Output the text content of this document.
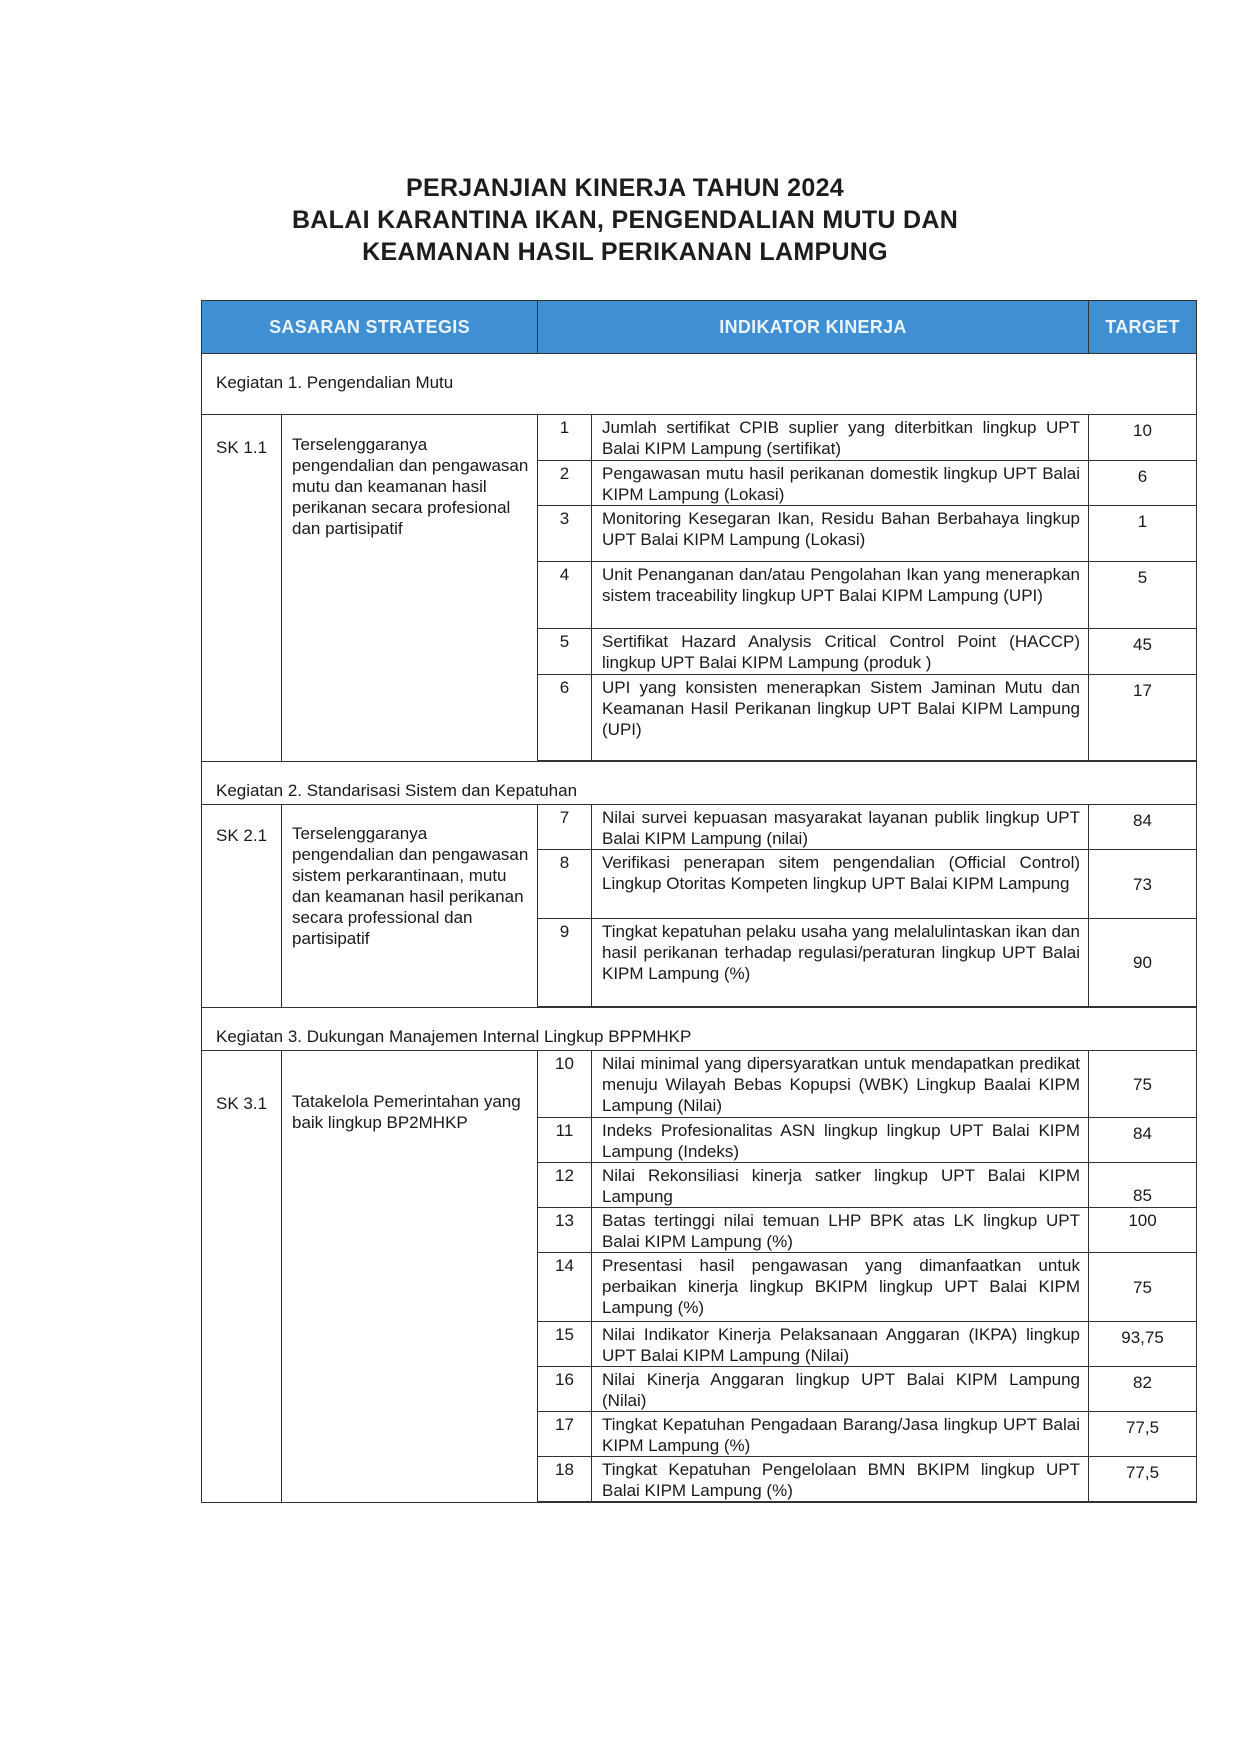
PERJANJIAN KINERJA TAHUN 2024
BALAI KARANTINA IKAN, PENGENDALIAN MUTU DAN
KEAMANAN HASIL PERIKANAN LAMPUNG
SASARAN STRATEGIS		INDIKATOR KINERJA		TARGET
Kegiatan 1. Pengendalian Mutu				
SK 1.1	Terselenggaranya pengendalian dan pengawasan mutu dan keamanan hasil perikanan secara profesional dan partisipatif	1	Jumlah sertifikat CPIB suplier yang diterbitkan lingkup UPT Balai KIPM Lampung (sertifikat)	10
		2	Pengawasan mutu hasil perikanan domestik lingkup UPT Balai KIPM Lampung (Lokasi)	6
		3	Monitoring Kesegaran Ikan, Residu Bahan Berbahaya lingkup UPT Balai KIPM Lampung (Lokasi)	1
		4	Unit Penanganan dan/atau Pengolahan Ikan yang menerapkan sistem traceability lingkup UPT Balai KIPM Lampung (UPI)	5
		5	Sertifikat Hazard Analysis Critical Control Point (HACCP) lingkup UPT Balai KIPM Lampung (produk )	45
		6	UPI yang konsisten menerapkan Sistem Jaminan Mutu dan Keamanan Hasil Perikanan lingkup UPT Balai KIPM Lampung (UPI)	17

Kegiatan 2. Standarisasi Sistem dan Kepatuhan				
SK 2.1	Terselenggaranya pengendalian dan pengawasan sistem perkarantinaan, mutu dan keamanan hasil perikanan secara professional dan partisipatif	7	Nilai survei kepuasan masyarakat layanan publik lingkup UPT Balai KIPM Lampung (nilai)	84
		8	Verifikasi penerapan sitem pengendalian (Official Control) Lingkup Otoritas Kompeten lingkup UPT Balai KIPM Lampung	73
		9	Tingkat kepatuhan pelaku usaha yang melalulintaskan ikan dan hasil perikanan terhadap regulasi/peraturan lingkup UPT Balai KIPM Lampung (%)	90

Kegiatan 3. Dukungan Manajemen Internal Lingkup BPPMHKP				
SK 3.1	Tatakelola Pemerintahan yang baik lingkup BP2MHKP	10	Nilai minimal yang dipersyaratkan untuk mendapatkan predikat menuju Wilayah Bebas Kopupsi (WBK) Lingkup Baalai KIPM Lampung (Nilai)	75
		11	Indeks Profesionalitas ASN lingkup lingkup UPT Balai KIPM Lampung (Indeks)	84
		12	Nilai Rekonsiliasi kinerja satker lingkup UPT Balai KIPM Lampung	85
		13	Batas tertinggi nilai temuan LHP BPK atas LK lingkup UPT Balai KIPM Lampung (%)	100
		14	Presentasi hasil pengawasan yang dimanfaatkan untuk perbaikan kinerja lingkup BKIPM lingkup UPT Balai KIPM Lampung (%)	75
		15	Nilai Indikator Kinerja Pelaksanaan Anggaran (IKPA) lingkup UPT Balai KIPM Lampung (Nilai)	93,75
		16	Nilai Kinerja Anggaran lingkup UPT Balai KIPM Lampung (Nilai)	82
		17	Tingkat Kepatuhan Pengadaan Barang/Jasa lingkup UPT Balai KIPM Lampung (%)	77,5
		18	Tingkat Kepatuhan Pengelolaan BMN BKIPM lingkup UPT Balai KIPM Lampung (%)	77,5
